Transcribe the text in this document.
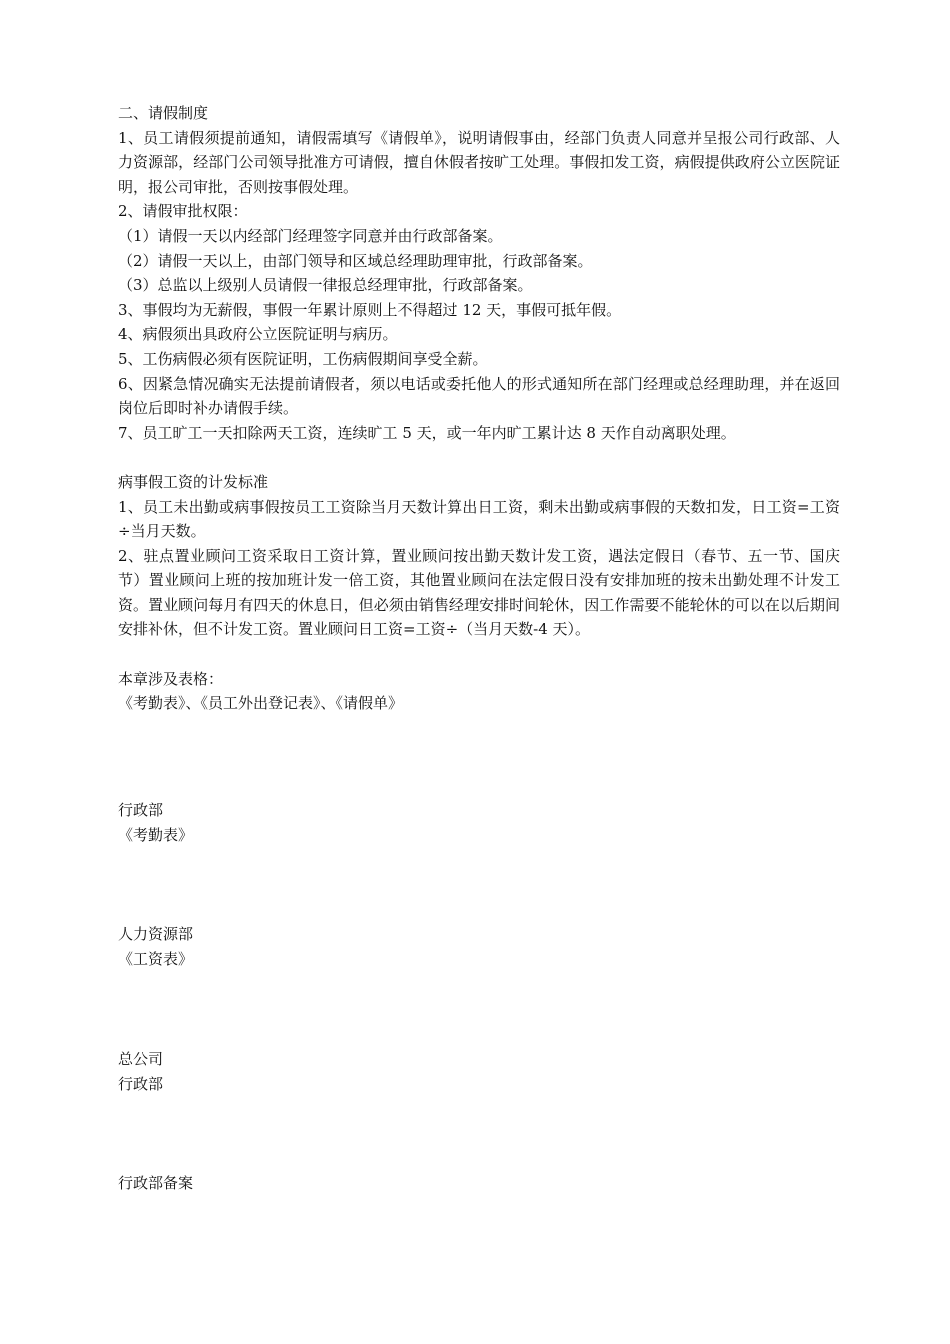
二、请假制度
1、员工请假须提前通知，请假需填写《请假单》，说明请假事由，经部门负责人同意并呈报公司行政部、人力资源部，经部门公司领导批准方可请假，擅自休假者按旷工处理。事假扣发工资，病假提供政府公立医院证明，报公司审批，否则按事假处理。
2、请假审批权限：
（1）请假一天以内经部门经理签字同意并由行政部备案。
（2）请假一天以上，由部门领导和区域总经理助理审批，行政部备案。
（3）总监以上级别人员请假一律报总经理审批，行政部备案。
3、事假均为无薪假，事假一年累计原则上不得超过 12 天，事假可抵年假。
4、病假须出具政府公立医院证明与病历。
5、工伤病假必须有医院证明，工伤病假期间享受全薪。
6、因紧急情况确实无法提前请假者，须以电话或委托他人的形式通知所在部门经理或总经理助理，并在返回岗位后即时补办请假手续。
7、员工旷工一天扣除两天工资，连续旷工 5 天，或一年内旷工累计达 8 天作自动离职处理。
病事假工资的计发标准
1、员工未出勤或病事假按员工工资除当月天数计算出日工资，剩未出勤或病事假的天数扣发，日工资=工资÷当月天数。
2、驻点置业顾问工资采取日工资计算，置业顾问按出勤天数计发工资，遇法定假日（春节、五一节、国庆节）置业顾问上班的按加班计发一倍工资，其他置业顾问在法定假日没有安排加班的按未出勤处理不计发工资。置业顾问每月有四天的休息日，但必须由销售经理安排时间轮休，因工作需要不能轮休的可以在以后期间安排补休，但不计发工资。置业顾问日工资=工资÷（当月天数-4 天）。
本章涉及表格：
《考勤表》、《员工外出登记表》、《请假单》
行政部
《考勤表》
人力资源部
《工资表》
总公司
行政部
行政部备案
